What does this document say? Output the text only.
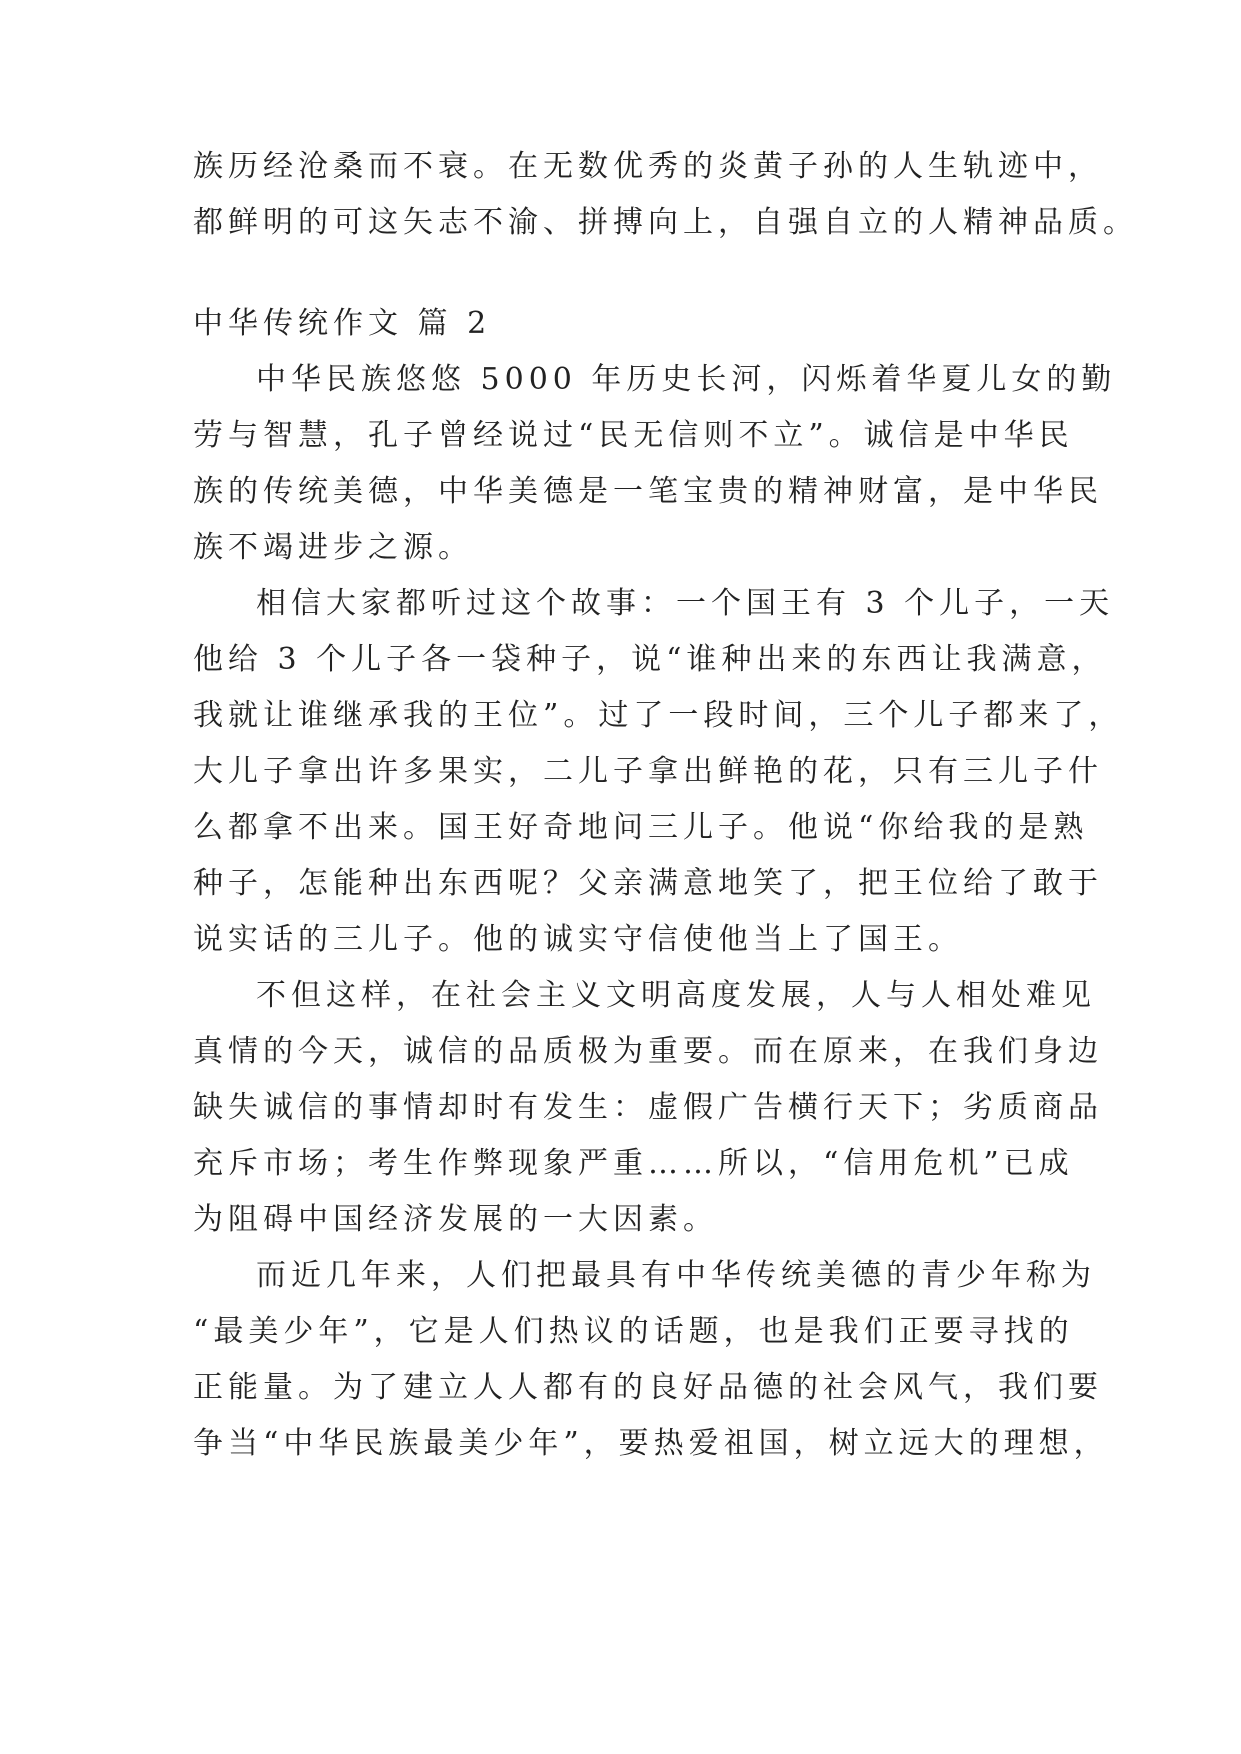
族历经沧桑而不衰。在无数优秀的炎黄子孙的人生轨迹中，
都鲜明的可这矢志不渝、拼搏向上，自强自立的人精神品质。
中华传统作文 篇 2
中华民族悠悠 5000 年历史长河，闪烁着华夏儿女的勤
劳与智慧，孔子曾经说过“民无信则不立”。诚信是中华民
族的传统美德，中华美德是一笔宝贵的精神财富，是中华民
族不竭进步之源。
相信大家都听过这个故事：一个国王有 3 个儿子，一天
他给 3 个儿子各一袋种子，说“谁种出来的东西让我满意，
我就让谁继承我的王位”。过了一段时间，三个儿子都来了，
大儿子拿出许多果实，二儿子拿出鲜艳的花，只有三儿子什
么都拿不出来。国王好奇地问三儿子。他说“你给我的是熟
种子，怎能种出东西呢？父亲满意地笑了，把王位给了敢于
说实话的三儿子。他的诚实守信使他当上了国王。
不但这样，在社会主义文明高度发展，人与人相处难见
真情的今天，诚信的品质极为重要。而在原来，在我们身边
缺失诚信的事情却时有发生：虚假广告横行天下；劣质商品
充斥市场；考生作弊现象严重……所以，“信用危机”已成
为阻碍中国经济发展的一大因素。
而近几年来，人们把最具有中华传统美德的青少年称为
“最美少年”，它是人们热议的话题，也是我们正要寻找的
正能量。为了建立人人都有的良好品德的社会风气，我们要
争当“中华民族最美少年”，要热爱祖国，树立远大的理想，
